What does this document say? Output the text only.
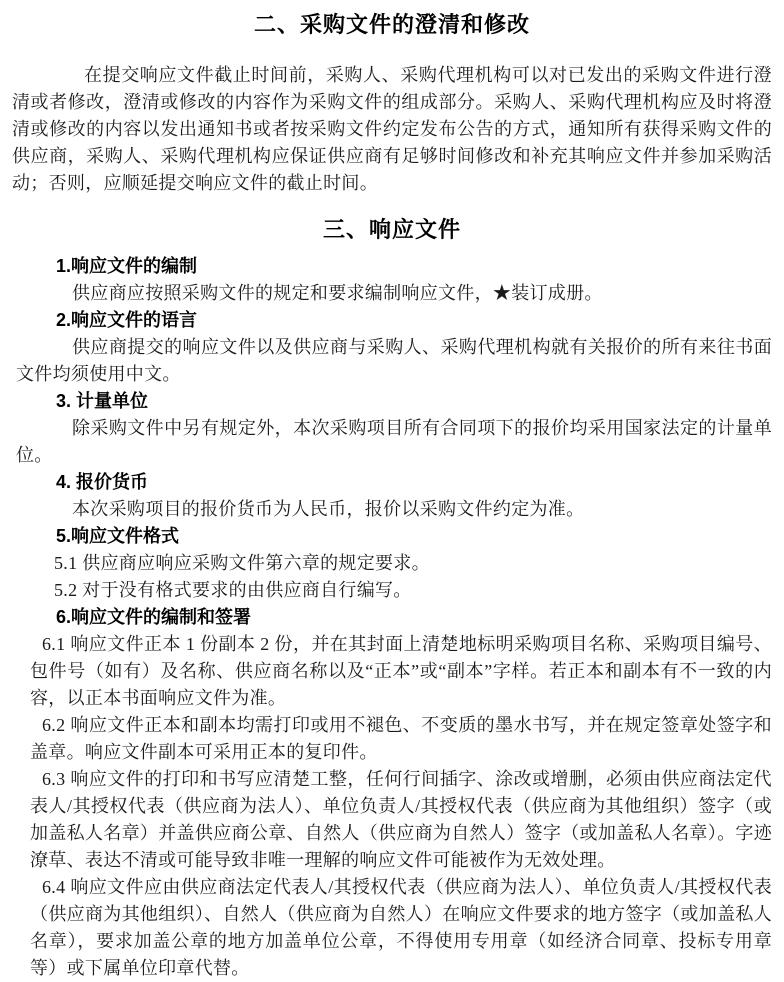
二、采购文件的澄清和修改

在提交响应文件截止时间前，采购人、采购代理机构可以对已发出的采购文件进行澄清或者修改，澄清或修改的内容作为采购文件的组成部分。采购人、采购代理机构应及时将澄清或修改的内容以发出通知书或者按采购文件约定发布公告的方式，通知所有获得采购文件的供应商，采购人、采购代理机构应保证供应商有足够时间修改和补充其响应文件并参加采购活动；否则，应顺延提交响应文件的截止时间。

三、响应文件
1.响应文件的编制

供应商应按照采购文件的规定和要求编制响应文件，★装订成册。

2.响应文件的语言

供应商提交的响应文件以及供应商与采购人、采购代理机构就有关报价的所有来往书面文件均须使用中文。

3. 计量单位

除采购文件中另有规定外，本次采购项目所有合同项下的报价均采用国家法定的计量单位。

4. 报价货币

本次采购项目的报价货币为人民币，报价以采购文件约定为准。

5.响应文件格式

5.1 供应商应响应采购文件第六章的规定要求。

5.2 对于没有格式要求的由供应商自行编写。

6.响应文件的编制和签署

6.1 响应文件正本 1 份副本 2 份，并在其封面上清楚地标明采购项目名称、采购项目编号、包件号（如有）及名称、供应商名称以及“正本”或“副本”字样。若正本和副本有不一致的内容，以正本书面响应文件为准。

6.2 响应文件正本和副本均需打印或用不褪色、不变质的墨水书写，并在规定签章处签字和盖章。响应文件副本可采用正本的复印件。

6.3 响应文件的打印和书写应清楚工整，任何行间插字、涂改或增删，必须由供应商法定代表人/其授权代表（供应商为法人）、单位负责人/其授权代表（供应商为其他组织）签字（或加盖私人名章）并盖供应商公章、自然人（供应商为自然人）签字（或加盖私人名章）。字迹潦草、表达不清或可能导致非唯一理解的响应文件可能被作为无效处理。

6.4 响应文件应由供应商法定代表人/其授权代表（供应商为法人）、单位负责人/其授权代表（供应商为其他组织）、自然人（供应商为自然人）在响应文件要求的地方签字（或加盖私人名章），要求加盖公章的地方加盖单位公章，不得使用专用章（如经济合同章、投标专用章等）或下属单位印章代替。
